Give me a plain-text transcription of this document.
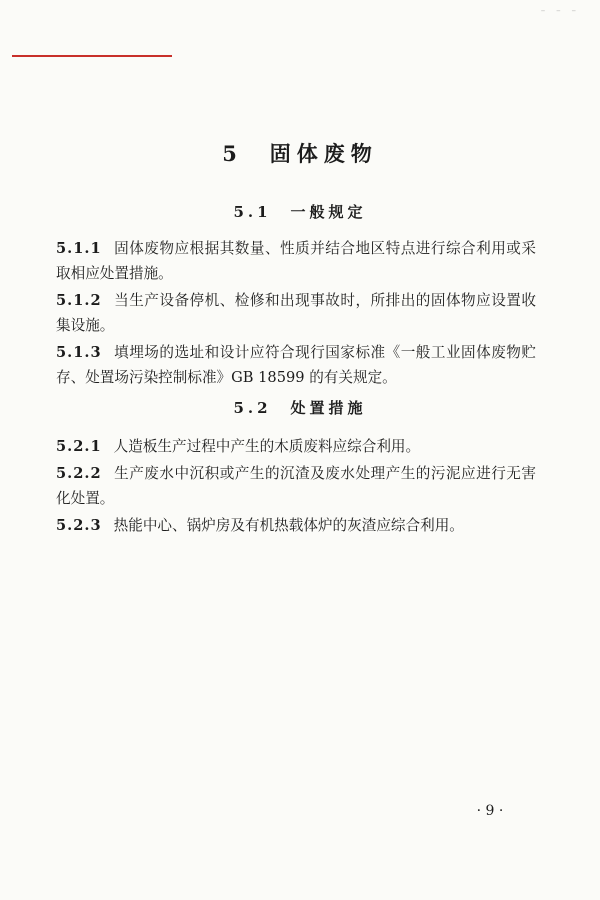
– – –
5　固体废物
5.1　一般规定

5.1.1 固体废物应根据其数量、性质并结合地区特点进行综合利用或采取相应处置措施。

5.1.2 当生产设备停机、检修和出现事故时，所排出的固体物应设置收集设施。

5.1.3 填埋场的选址和设计应符合现行国家标准《一般工业固体废物贮存、处置场污染控制标准》GB 18599 的有关规定。

5.2　处置措施

5.2.1 人造板生产过程中产生的木质废料应综合利用。

5.2.2 生产废水中沉积或产生的沉渣及废水处理产生的污泥应进行无害化处置。

5.2.3 热能中心、锅炉房及有机热载体炉的灰渣应综合利用。

· 9 ·
